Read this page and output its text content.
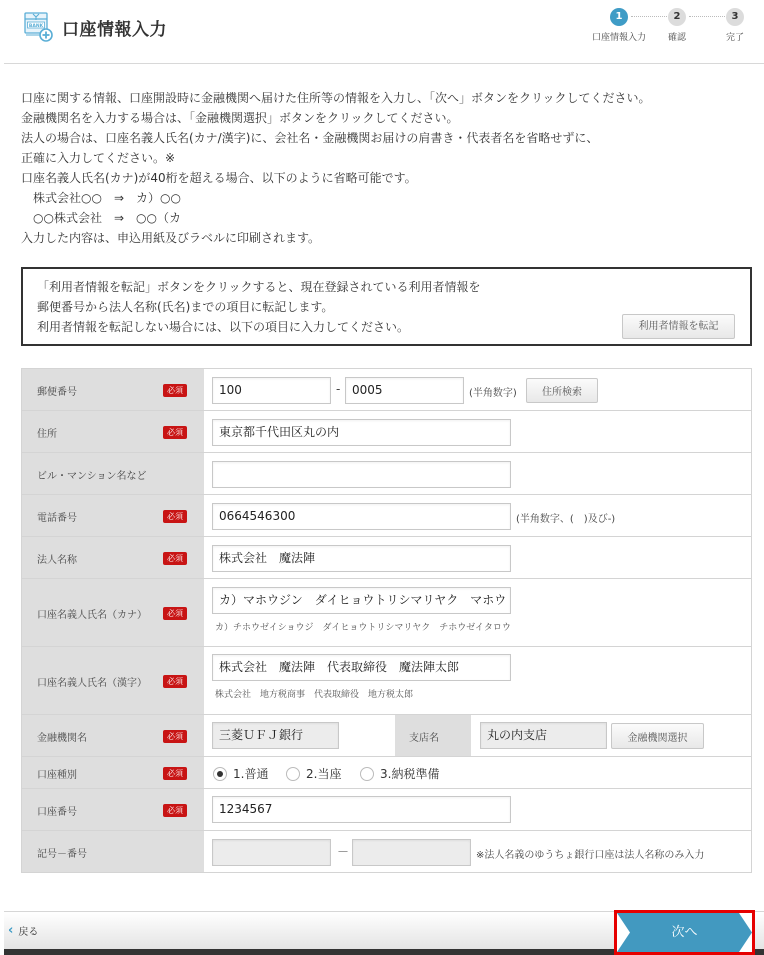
BANK 口座情報入力
1
口座情報入力
2
確認
3
完了
口座に関する情報、口座開設時に金融機関へ届けた住所等の情報を入力し、「次へ」ボタンをクリックしてください。
金融機関名を入力する場合は、「金融機関選択」ボタンをクリックしてください。
法人の場合は、口座名義人氏名(カナ/漢字)に、会社名・金融機関お届けの肩書き・代表者名を省略せずに、
正確に入力してください。※
口座名義人氏名(カナ)が40桁を超える場合、以下のように省略可能です。
株式会社○○　⇒　カ）○○
○○株式会社　⇒　○○（カ
入力した内容は、申込用紙及びラベルに印刷されます。
「利用者情報を転記」ボタンをクリックすると、現在登録されている利用者情報を
郵便番号から法人名称(氏名)までの項目に転記します。
利用者情報を転記しない場合には、以下の項目に入力してください。	利用者情報を転記
郵便番号	必須	100	- 0005	(半角数字)	住所検索
住所	必須	東京都千代田区丸の内
ビル・マンション名など
電話番号	必須	0664546300	(半角数字、(　)及び-)
法人名称	必須	株式会社　魔法陣
口座名義人氏名（カナ）	必須
カ）マホウジン　ダイヒョウトリシマリヤク　マホウ
カ）チホウゼイショウジ　ダイヒョウトリシマリヤク　チホウゼイタロウ
口座名義人氏名（漢字）	必須
株式会社　魔法陣　代表取締役　魔法陣太郎
株式会社　地方税商事　代表取締役　地方税太郎
金融機関名	必須	三菱ＵＦＪ銀行	支店名	丸の内支店	金融機関選択
口座種別	必須	1.普通	2.当座	3.納税準備
口座番号	必須	1234567
記号－番号	－	※法人名義のゆうちょ銀行口座は法人名称のみ入力
‹ 戻る	次へ
